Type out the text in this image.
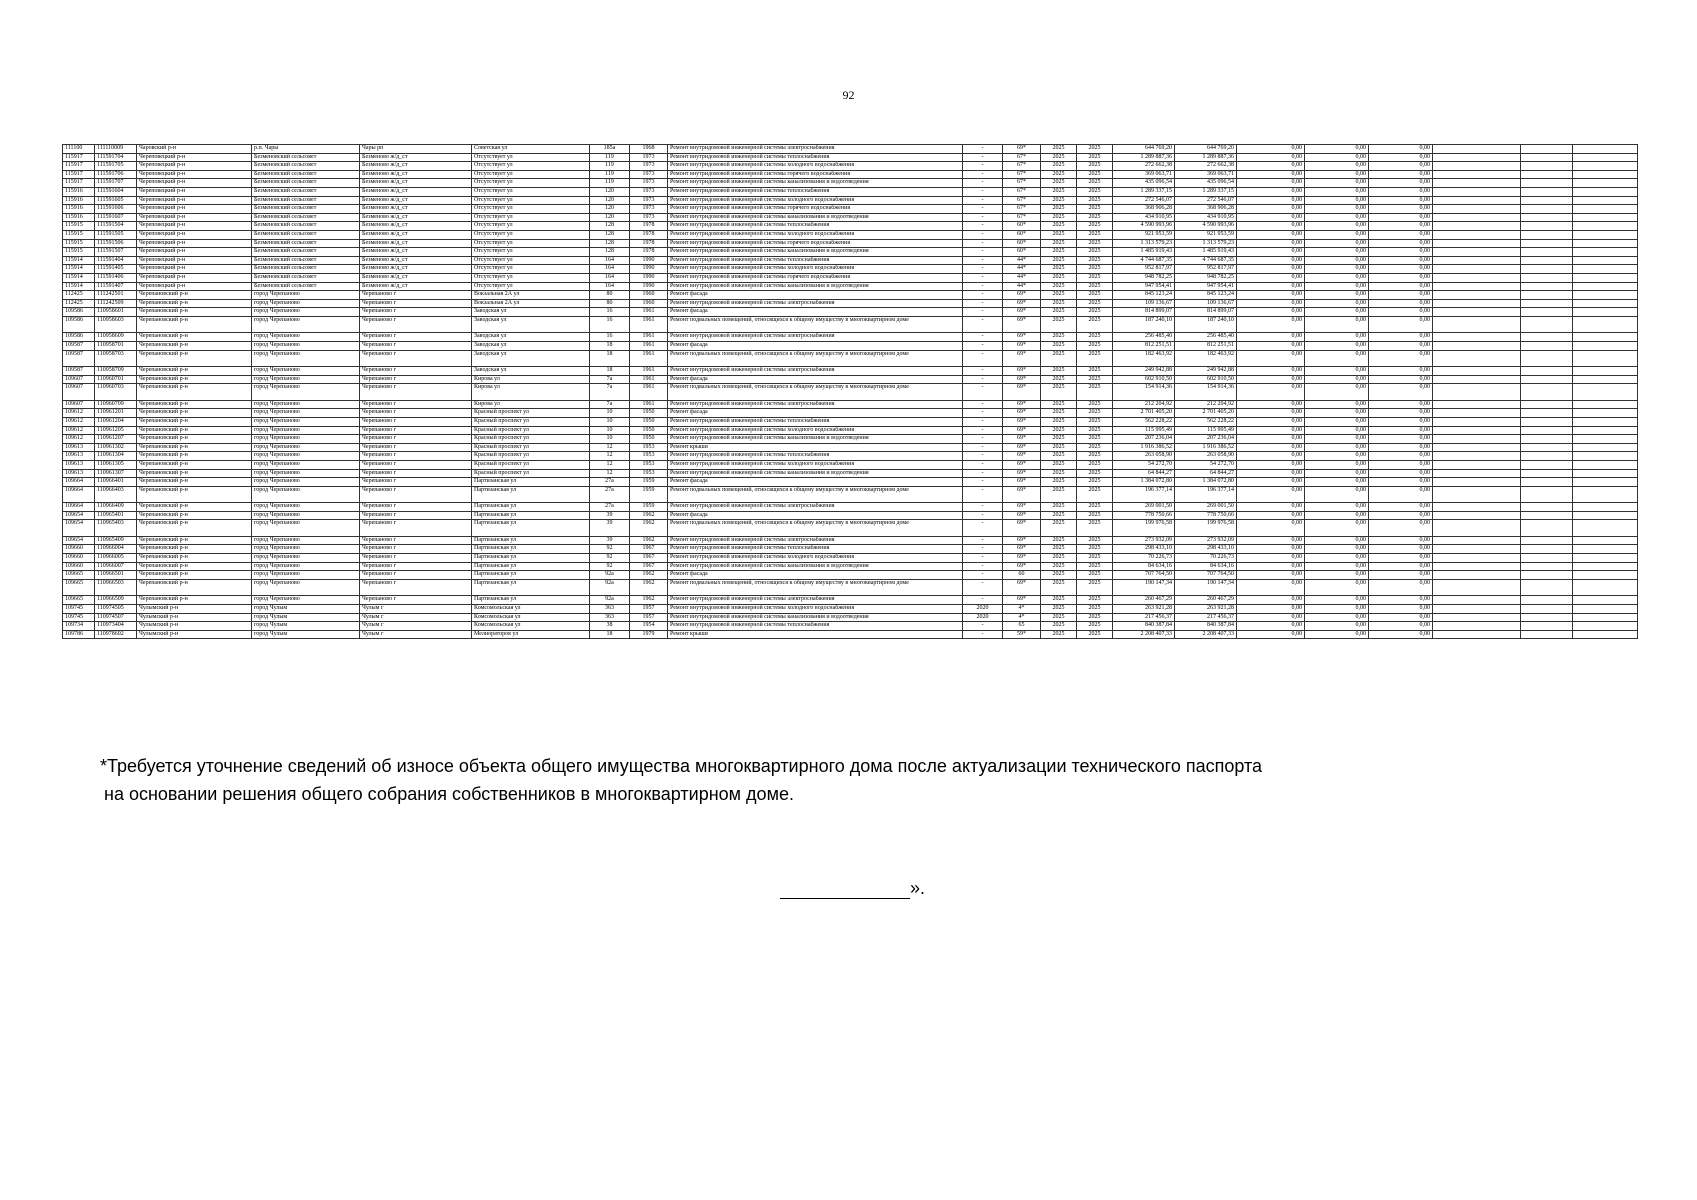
92
111100	111110009	Чаровский р-н	р.п. Чары	Чары рп	Советская ул	185а	1968	Ремонт внутридомовой инженерной системы электроснабжения	-	69*	2025	2025	644 769,20	644 769,20	0,00	0,00	0,00			
115917	111591704	Череповецкий р-н	Безменовский сельсовет	Безменово ж/д_ст	Отсутствует ул	119	1973	Ремонт внутридомовой инженерной системы теплоснабжения	-	67*	2025	2025	1 289 887,36	1 289 887,36	0,00	0,00	0,00			
115917	111591705	Череповецкий р-н	Безменовский сельсовет	Безменово ж/д_ст	Отсутствует ул	119	1973	Ремонт внутридомовой инженерной системы холодного водоснабжения	-	67*	2025	2025	272 662,38	272 662,38	0,00	0,00	0,00			
115917	111591706	Череповецкий р-н	Безменовский сельсовет	Безменово ж/д_ст	Отсутствует ул	119	1973	Ремонт внутридомовой инженерной системы горячего водоснабжения	-	67*	2025	2025	369 063,71	369 063,71	0,00	0,00	0,00			
115917	111591707	Череповецкий р-н	Безменовский сельсовет	Безменово ж/д_ст	Отсутствует ул	119	1973	Ремонт внутридомовой инженерной системы канализования и водоотведения	-	67*	2025	2025	435 096,54	435 096,54	0,00	0,00	0,00			
115916	111591604	Череповецкий р-н	Безменовский сельсовет	Безменово ж/д_ст	Отсутствует ул	120	1973	Ремонт внутридомовой инженерной системы теплоснабжения	-	67*	2025	2025	1 289 337,15	1 289 337,15	0,00	0,00	0,00			
115916	111591605	Череповецкий р-н	Безменовский сельсовет	Безменово ж/д_ст	Отсутствует ул	120	1973	Ремонт внутридомовой инженерной системы холодного водоснабжения	-	67*	2025	2025	272 546,07	272 546,07	0,00	0,00	0,00			
115916	111591606	Череповецкий р-н	Безменовский сельсовет	Безменово ж/д_ст	Отсутствует ул	120	1973	Ремонт внутридомовой инженерной системы горячего водоснабжения	-	67*	2025	2025	368 906,28	368 906,28	0,00	0,00	0,00			
115916	111591607	Череповецкий р-н	Безменовский сельсовет	Безменово ж/д_ст	Отсутствует ул	120	1973	Ремонт внутридомовой инженерной системы канализования и водоотведения	-	67*	2025	2025	434 910,95	434 910,95	0,00	0,00	0,00			
115915	111591504	Череповецкий р-н	Безменовский сельсовет	Безменово ж/д_ст	Отсутствует ул	128	1978	Ремонт внутридомовой инженерной системы теплоснабжения	-	60*	2025	2025	4 590 993,96	4 590 993,96	0,00	0,00	0,00			
115915	111591505	Череповецкий р-н	Безменовский сельсовет	Безменово ж/д_ст	Отсутствует ул	128	1978	Ремонт внутридомовой инженерной системы холодного водоснабжения	-	60*	2025	2025	921 953,59	921 953,59	0,00	0,00	0,00			
115915	111591506	Череповецкий р-н	Безменовский сельсовет	Безменово ж/д_ст	Отсутствует ул	128	1978	Ремонт внутридомовой инженерной системы горячего водоснабжения	-	60*	2025	2025	1 313 579,23	1 313 579,23	0,00	0,00	0,00			
115915	111591507	Череповецкий р-н	Безменовский сельсовет	Безменово ж/д_ст	Отсутствует ул	128	1978	Ремонт внутридомовой инженерной системы канализования и водоотведения	-	60*	2025	2025	1 485 919,43	1 485 919,43	0,00	0,00	0,00			
115914	111591404	Череповецкий р-н	Безменовский сельсовет	Безменово ж/д_ст	Отсутствует ул	164	1990	Ремонт внутридомовой инженерной системы теплоснабжения	-	44*	2025	2025	4 744 687,35	4 744 687,35	0,00	0,00	0,00			
115914	111591405	Череповецкий р-н	Безменовский сельсовет	Безменово ж/д_ст	Отсутствует ул	164	1990	Ремонт внутридомовой инженерной системы холодного водоснабжения	-	44*	2025	2025	952 817,97	952 817,97	0,00	0,00	0,00			
115914	111591406	Череповецкий р-н	Безменовский сельсовет	Безменово ж/д_ст	Отсутствует ул	164	1990	Ремонт внутридомовой инженерной системы горячего водоснабжения	-	44*	2025	2025	948 782,25	948 782,25	0,00	0,00	0,00			
115914	111591407	Череповецкий р-н	Безменовский сельсовет	Безменово ж/д_ст	Отсутствует ул	164	1990	Ремонт внутридомовой инженерной системы канализования и водоотведения	-	44*	2025	2025	947 954,41	947 954,41	0,00	0,00	0,00			
112425	111242501	Черепановский р-н	город Черепаново	Черепаново г	Вокзальная 2А ул	80	1960	Ремонт фасада	-	69*	2025	2025	845 123,24	845 123,24	0,00	0,00	0,00			
112425	111242509	Черепановский р-н	город Черепаново	Черепаново г	Вокзальная 2А ул	80	1960	Ремонт внутридомовой инженерной системы электроснабжения	-	69*	2025	2025	109 136,67	109 136,67	0,00	0,00	0,00			
109586	110958601	Черепановский р-н	город Черепаново	Черепаново г	Заводская ул	16	1961	Ремонт фасада	-	69*	2025	2025	814 899,07	814 899,07	0,00	0,00	0,00			
109586	110958603	Черепановский р-н	город Черепаново	Черепаново г	Заводская ул	16	1961	Ремонт подвальных помещений, относящихся к общему имуществу в многоквартирном доме	-	69*	2025	2025	187 240,10	187 240,10	0,00	0,00	0,00			
109586	110958609	Черепановский р-н	город Черепаново	Черепаново г	Заводская ул	16	1961	Ремонт внутридомовой инженерной системы электроснабжения	-	69*	2025	2025	256 485,40	256 485,40	0,00	0,00	0,00			
109587	110958701	Черепановский р-н	город Черепаново	Черепаново г	Заводская ул	18	1961	Ремонт фасада	-	69*	2025	2025	812 251,51	812 251,51	0,00	0,00	0,00			
109587	110958703	Черепановский р-н	город Черепаново	Черепаново г	Заводская ул	18	1961	Ремонт подвальных помещений, относящихся к общему имуществу в многоквартирном доме	-	69*	2025	2025	182 463,92	182 463,92	0,00	0,00	0,00			
109587	110958709	Черепановский р-н	город Черепаново	Черепаново г	Заводская ул	18	1961	Ремонт внутридомовой инженерной системы электроснабжения	-	69*	2025	2025	249 942,88	249 942,88	0,00	0,00	0,00			
109607	110960701	Черепановский р-н	город Черепаново	Черепаново г	Кирова ул	7а	1961	Ремонт фасада	-	69*	2025	2025	602 910,50	602 910,50	0,00	0,00	0,00			
109607	110960703	Черепановский р-н	город Черепаново	Черепаново г	Кирова ул	7а	1961	Ремонт подвальных помещений, относящихся к общему имуществу в многоквартирном доме	-	69*	2025	2025	154 914,36	154 914,36	0,00	0,00	0,00			
109607	110960709	Черепановский р-н	город Черепаново	Черепаново г	Кирова ул	7а	1961	Ремонт внутридомовой инженерной системы электроснабжения	-	69*	2025	2025	212 204,92	212 204,92	0,00	0,00	0,00			
109612	110961201	Черепановский р-н	город Черепаново	Черепаново г	Красный проспект ул	10	1950	Ремонт фасада	-	69*	2025	2025	2 701 405,20	2 701 405,20	0,00	0,00	0,00			
109612	110961204	Черепановский р-н	город Черепаново	Черепаново г	Красный проспект ул	10	1950	Ремонт внутридомовой инженерной системы теплоснабжения	-	69*	2025	2025	562 228,22	562 228,22	0,00	0,00	0,00			
109612	110961205	Черепановский р-н	город Черепаново	Черепаново г	Красный проспект ул	10	1950	Ремонт внутридомовой инженерной системы холодного водоснабжения	-	69*	2025	2025	115 995,49	115 995,49	0,00	0,00	0,00			
109612	110961207	Черепановский р-н	город Черепаново	Черепаново г	Красный проспект ул	10	1950	Ремонт внутридомовой инженерной системы канализования и водоотведения	-	69*	2025	2025	207 236,04	207 236,04	0,00	0,00	0,00			
109613	110961302	Черепановский р-н	город Черепаново	Черепаново г	Красный проспект ул	12	1953	Ремонт крыши	-	69*	2025	2025	1 916 386,52	1 916 386,52	0,00	0,00	0,00			
109613	110961304	Черепановский р-н	город Черепаново	Черепаново г	Красный проспект ул	12	1953	Ремонт внутридомовой инженерной системы теплоснабжения	-	69*	2025	2025	263 058,90	263 058,90	0,00	0,00	0,00			
109613	110961305	Черепановский р-н	город Черепаново	Черепаново г	Красный проспект ул	12	1953	Ремонт внутридомовой инженерной системы холодного водоснабжения	-	69*	2025	2025	54 272,70	54 272,70	0,00	0,00	0,00			
109613	110961307	Черепановский р-н	город Черепаново	Черепаново г	Красный проспект ул	12	1953	Ремонт внутридомовой инженерной системы канализования и водоотведения	-	69*	2025	2025	64 844,27	64 844,27	0,00	0,00	0,00			
109664	110966401	Черепановский р-н	город Черепаново	Черепаново г	Партизанская ул	27а	1959	Ремонт фасада	-	69*	2025	2025	1 384 072,80	1 384 072,80	0,00	0,00	0,00			
109664	110966403	Черепановский р-н	город Черепаново	Черепаново г	Партизанская ул	27а	1959	Ремонт подвальных помещений, относящихся к общему имуществу в многоквартирном доме	-	69*	2025	2025	196 377,14	196 377,14	0,00	0,00	0,00			
109664	110966409	Черепановский р-н	город Черепаново	Черепаново г	Партизанская ул	27а	1959	Ремонт внутридомовой инженерной системы электроснабжения	-	69*	2025	2025	269 001,50	269 001,50	0,00	0,00	0,00			
109654	110965401	Черепановский р-н	город Черепаново	Черепаново г	Партизанская ул	39	1962	Ремонт фасада	-	69*	2025	2025	778 750,66	778 750,66	0,00	0,00	0,00			
109654	110965403	Черепановский р-н	город Черепаново	Черепаново г	Партизанская ул	39	1962	Ремонт подвальных помещений, относящихся к общему имуществу в многоквартирном доме	-	69*	2025	2025	199 976,58	199 976,58	0,00	0,00	0,00			
109654	110965409	Черепановский р-н	город Черепаново	Черепаново г	Партизанская ул	39	1962	Ремонт внутридомовой инженерной системы электроснабжения	-	69*	2025	2025	273 932,09	273 932,09	0,00	0,00	0,00			
109660	110966004	Черепановский р-н	город Черепаново	Черепаново г	Партизанская ул	92	1967	Ремонт внутридомовой инженерной системы теплоснабжения	-	69*	2025	2025	298 433,10	298 433,10	0,00	0,00	0,00			
109660	110966005	Черепановский р-н	город Черепаново	Черепаново г	Партизанская ул	92	1967	Ремонт внутридомовой инженерной системы холодного водоснабжения	-	69*	2025	2025	70 226,73	70 226,73	0,00	0,00	0,00			
109660	110966007	Черепановский р-н	город Черепаново	Черепаново г	Партизанская ул	92	1967	Ремонт внутридомовой инженерной системы канализования и водоотведения	-	69*	2025	2025	84 634,16	84 634,16	0,00	0,00	0,00			
109665	110966501	Черепановский р-н	город Черепаново	Черепаново г	Партизанская ул	92а	1962	Ремонт фасада	-	60	2025	2025	707 764,50	707 764,50	0,00	0,00	0,00			
109665	110966503	Черепановский р-н	город Черепаново	Черепаново г	Партизанская ул	92а	1962	Ремонт подвальных помещений, относящихся к общему имуществу в многоквартирном доме	-	69*	2025	2025	190 147,34	190 147,34	0,00	0,00	0,00			
109665	110966509	Черепановский р-н	город Черепаново	Черепаново г	Партизанская ул	92а	1962	Ремонт внутридомовой инженерной системы электроснабжения	-	69*	2025	2025	260 467,29	260 467,29	0,00	0,00	0,00			
109745	110974505	Чулымский р-н	город Чулым	Чулым г	Комсомольская ул	363	1957	Ремонт внутридомовой инженерной системы холодного водоснабжения	2020	4*	2025	2025	263 921,28	263 921,28	0,00	0,00	0,00			
109745	110974507	Чулымский р-н	город Чулым	Чулым г	Комсомольская ул	363	1957	Ремонт внутридомовой инженерной системы канализования и водоотведения	2020	4*	2025	2025	217 456,37	217 456,37	0,00	0,00	0,00			
109734	110973404	Чулымский р-н	город Чулым	Чулым г	Комсомольская ул	38	1954	Ремонт внутридомовой инженерной системы теплоснабжения	-	65	2025	2025	840 387,84	840 387,84	0,00	0,00	0,00			
109786	110978602	Чулымский р-н	город Чулым	Чулым г	Мелиораторов ул	18	1979	Ремонт крыши	-	59*	2025	2025	2 208 407,33	2 208 407,33	0,00	0,00	0,00			
*Требуется уточнение сведений об износе объекта общего имущества многоквартирного дома после актуализации технического паспорта
на основании решения общего собрания собственников в многоквартирном доме.
».
